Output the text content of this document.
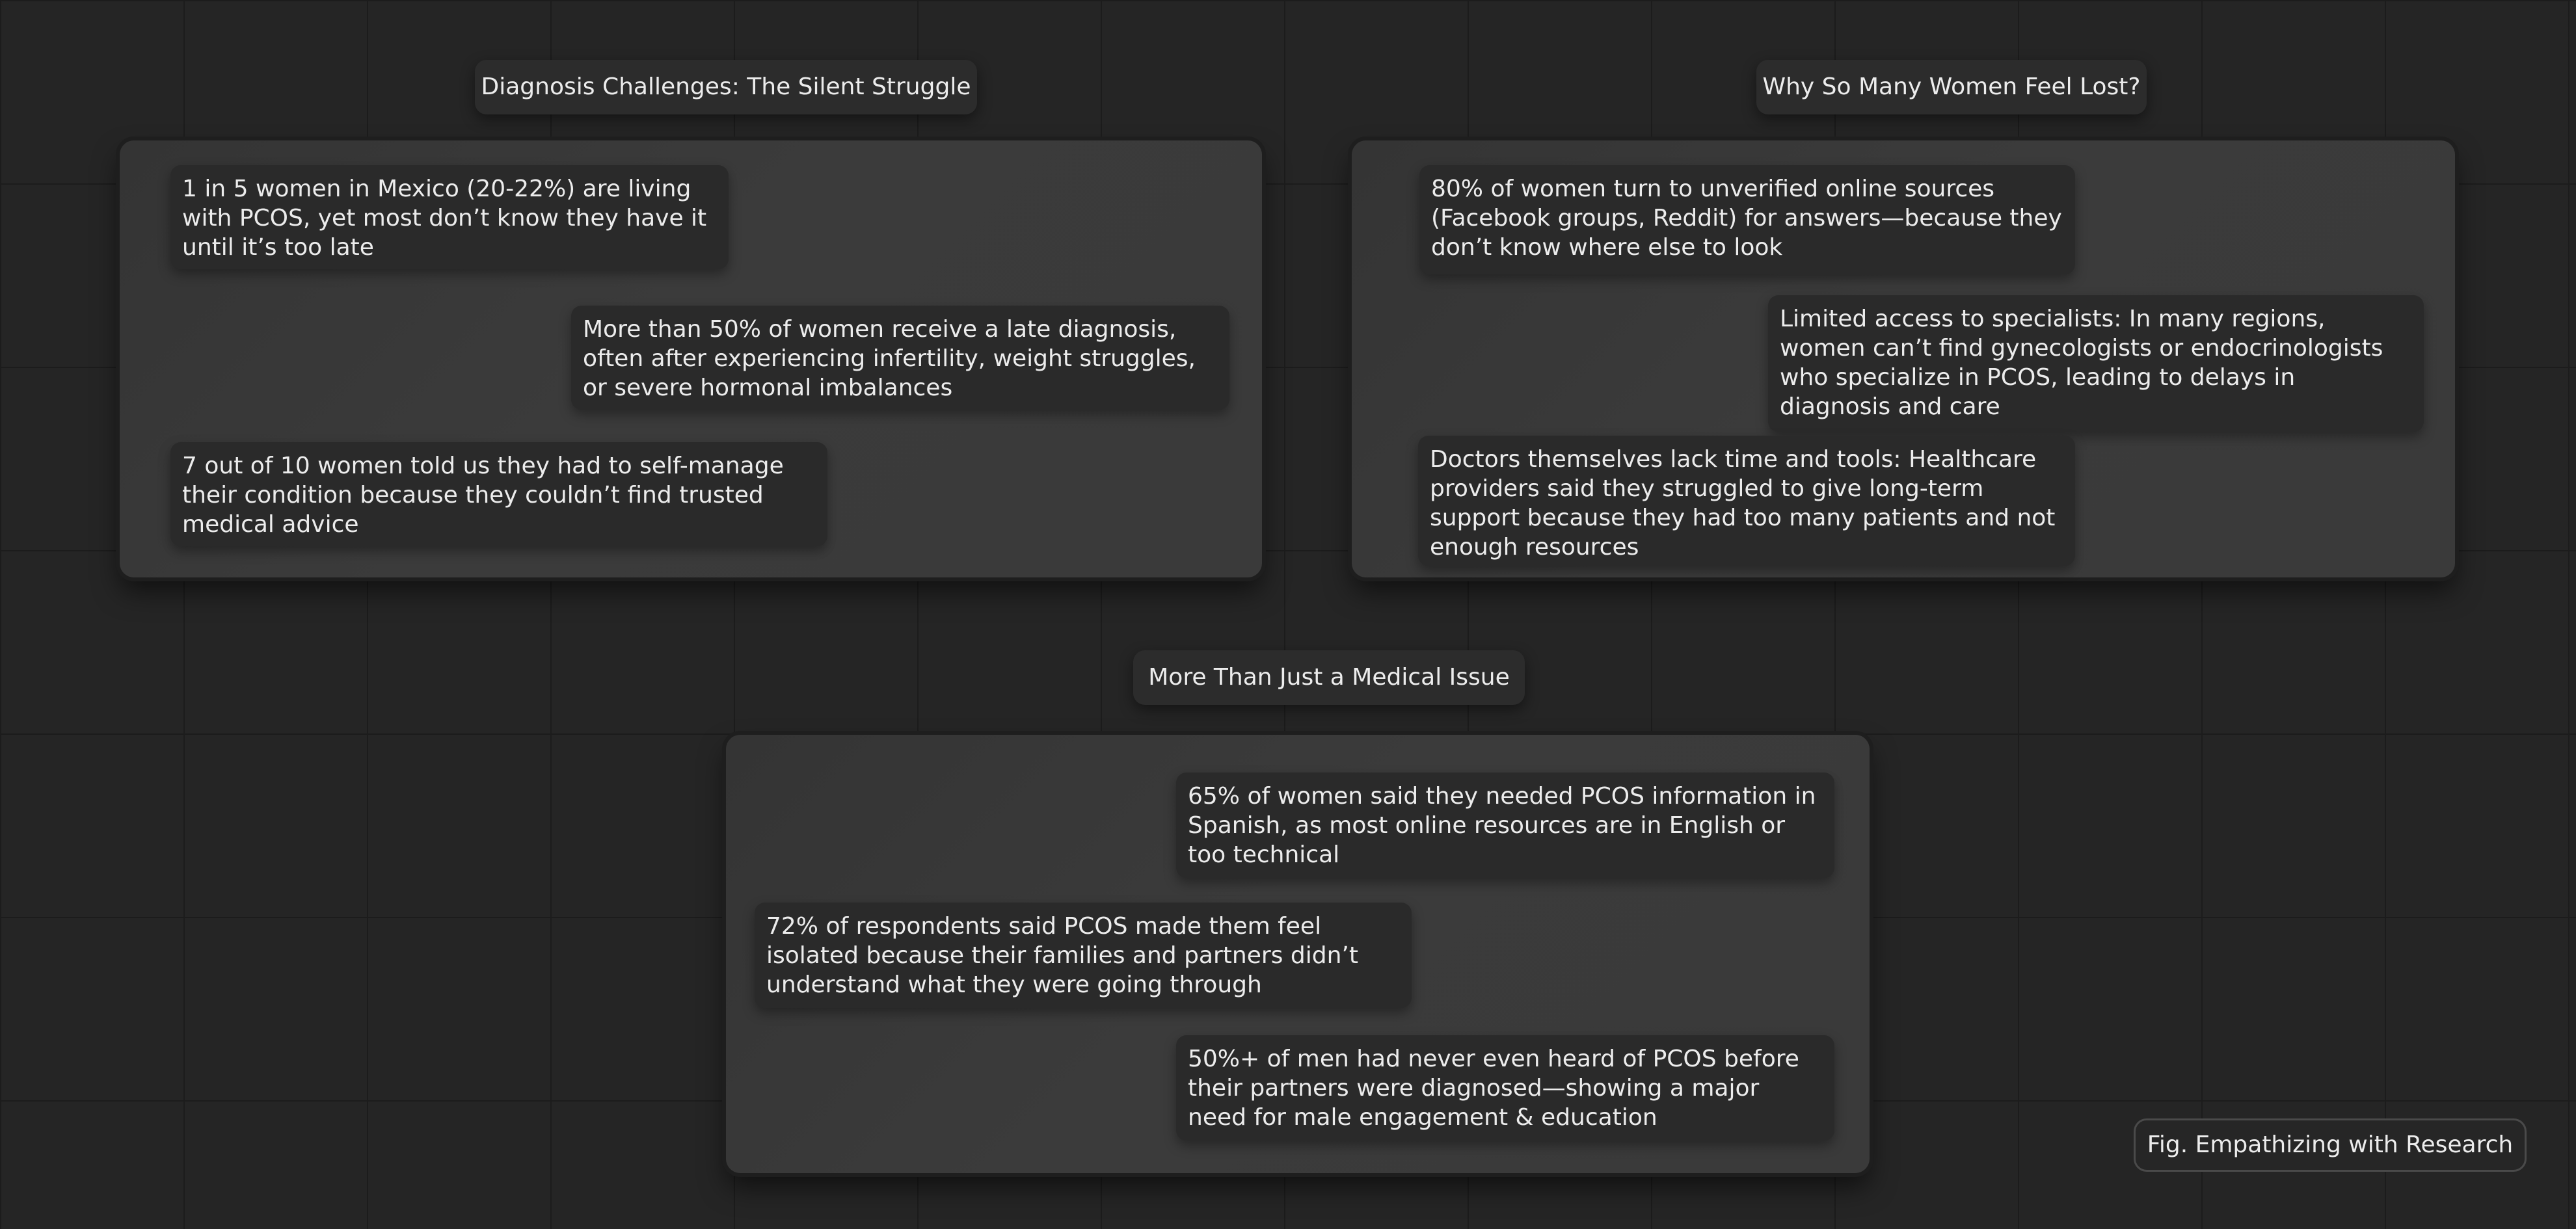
Diagnosis Challenges: The Silent Struggle
1 in 5 women in Mexico (20-22%) are living with PCOS, yet most don’t know they have it until it’s too late
More than 50% of women receive a late diagnosis, often after experiencing infertility, weight struggles, or severe hormonal imbalances
7 out of 10 women told us they had to self-manage their condition because they couldn’t find trusted medical advice
Why So Many Women Feel Lost?
80% of women turn to unverified online sources (Facebook groups, Reddit) for answers—because they don’t know where else to look
Limited access to specialists: In many regions, women can’t find gynecologists or endocrinologists who specialize in PCOS, leading to delays in diagnosis and care
Doctors themselves lack time and tools: Healthcare providers said they struggled to give long-term support because they had too many patients and not enough resources
More Than Just a Medical Issue
65% of women said they needed PCOS information in Spanish, as most online resources are in English or too technical
72% of respondents said PCOS made them feel isolated because their families and partners didn’t understand what they were going through
50%+ of men had never even heard of PCOS before their partners were diagnosed—showing a major need for male engagement & education
Fig. Empathizing with Research
